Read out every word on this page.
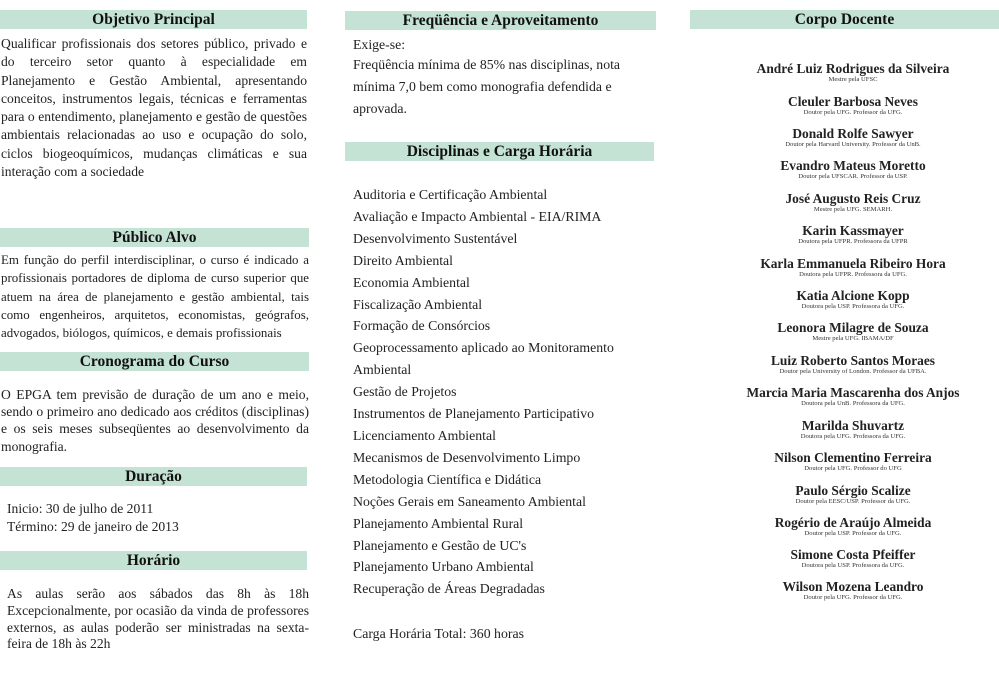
Objetivo Principal
Qualificar profissionais dos setores público, privado e do terceiro setor quanto à especialidade em Planejamento e Gestão Ambiental, apresentando conceitos, instrumentos legais, técnicas e ferramentas para o entendimento, planejamento e gestão de questões ambientais relacionadas ao uso e ocupação do solo, ciclos biogeoquímicos, mudanças climáticas e sua interação com a sociedade
Público Alvo
Em função do perfil interdisciplinar, o curso é indicado a profissionais portadores de diploma de curso superior que atuem na área de planejamento e gestão ambiental, tais como engenheiros, arquitetos, economistas, geógrafos, advogados, biólogos, químicos, e demais profissionais
Cronograma do Curso
O EPGA tem previsão de duração de um ano e meio, sendo o primeiro ano dedicado aos créditos (disciplinas) e os seis meses subseqüentes ao desenvolvimento da monografia.
Duração
Inicio: 30 de julho de 2011
Término: 29 de janeiro de 2013
Horário
As aulas serão aos sábados das 8h às 18h Excepcionalmente, por ocasião da vinda de professores externos, as aulas poderão ser ministradas na sexta-feira de 18h às 22h
Freqüência e Aproveitamento
Exige-se:
Freqüência mínima de 85% nas disciplinas, nota mínima 7,0 bem como monografia defendida e aprovada.
Disciplinas e Carga Horária
Auditoria e Certificação Ambiental
Avaliação e Impacto Ambiental - EIA/RIMA
Desenvolvimento Sustentável
Direito Ambiental
Economia Ambiental
Fiscalização Ambiental
Formação de Consórcios
Geoprocessamento aplicado ao Monitoramento
Ambiental
Gestão de Projetos
Instrumentos de Planejamento Participativo
Licenciamento Ambiental
Mecanismos de Desenvolvimento Limpo
Metodologia Científica e Didática
Noções Gerais em Saneamento Ambiental
Planejamento Ambiental Rural
Planejamento e Gestão de UC's
Planejamento Urbano Ambiental
Recuperação de Áreas Degradadas
Carga Horária Total: 360 horas
Corpo Docente
André Luiz Rodrigues da Silveira
Mestre pela UFSC
Cleuler Barbosa Neves
Doutor pela UFG. Professor da UFG.
Donald Rolfe Sawyer
Doutor pela Harvard University. Professor da UnB.
Evandro Mateus Moretto
Doutor pela UFSCAR. Professor da USP.
José Augusto Reis Cruz
Mestre pela UFG. SEMARH.
Karin Kassmayer
Doutora pela UFPR. Professora da UFPR
Karla Emmanuela Ribeiro Hora
Doutora pela UFPR. Professora da UFG.
Katia Alcione Kopp
Doutora pela USP. Professora da UFG.
Leonora Milagre de Souza
Mestre pela UFG. IBAMA/DF
Luiz Roberto Santos Moraes
Doutor pela University of London. Professor da UFBA.
Marcia Maria Mascarenha dos Anjos
Doutora pela UnB. Professora da UFG.
Marilda Shuvartz
Doutora pela UFG. Professora da UFG.
Nilson Clementino Ferreira
Doutor pela UFG. Professor do UFG
Paulo Sérgio Scalize
Doutor pela EESC/USP. Professor da UFG.
Rogério de Araújo Almeida
Doutor pela USP. Professor da UFG.
Simone Costa Pfeiffer
Doutora pela USP. Professora da UFG.
Wilson Mozena Leandro
Doutor pela UFG. Professor da UFG.
